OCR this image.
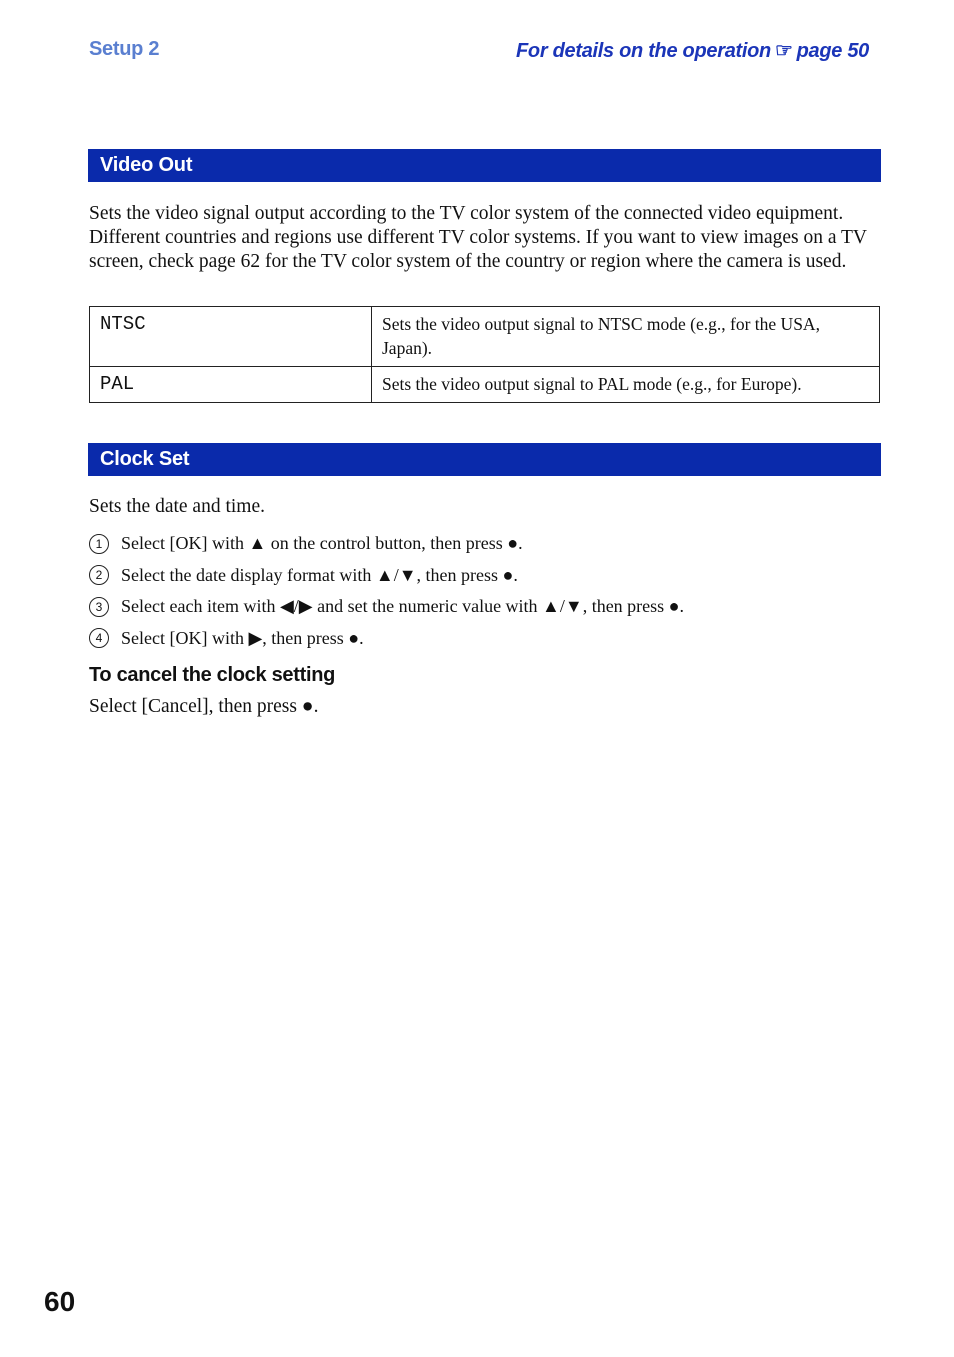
Setup 2	For details on the operation ☞ page 50
Video Out
Sets the video signal output according to the TV color system of the connected video equipment. Different countries and regions use different TV color systems. If you want to view images on a TV screen, check page 62 for the TV color system of the country or region where the camera is used.
NTSC	Sets the video output signal to NTSC mode (e.g., for the USA, Japan).
PAL	Sets the video output signal to PAL mode (e.g., for Europe).
Clock Set
Sets the date and time.
1	Select [OK] with ▲ on the control button, then press ●.
2	Select the date display format with ▲/▼, then press ●.
3	Select each item with ◀/▶ and set the numeric value with ▲/▼, then press ●.
4	Select [OK] with ▶, then press ●.
To cancel the clock setting
Select [Cancel], then press ●.
60
